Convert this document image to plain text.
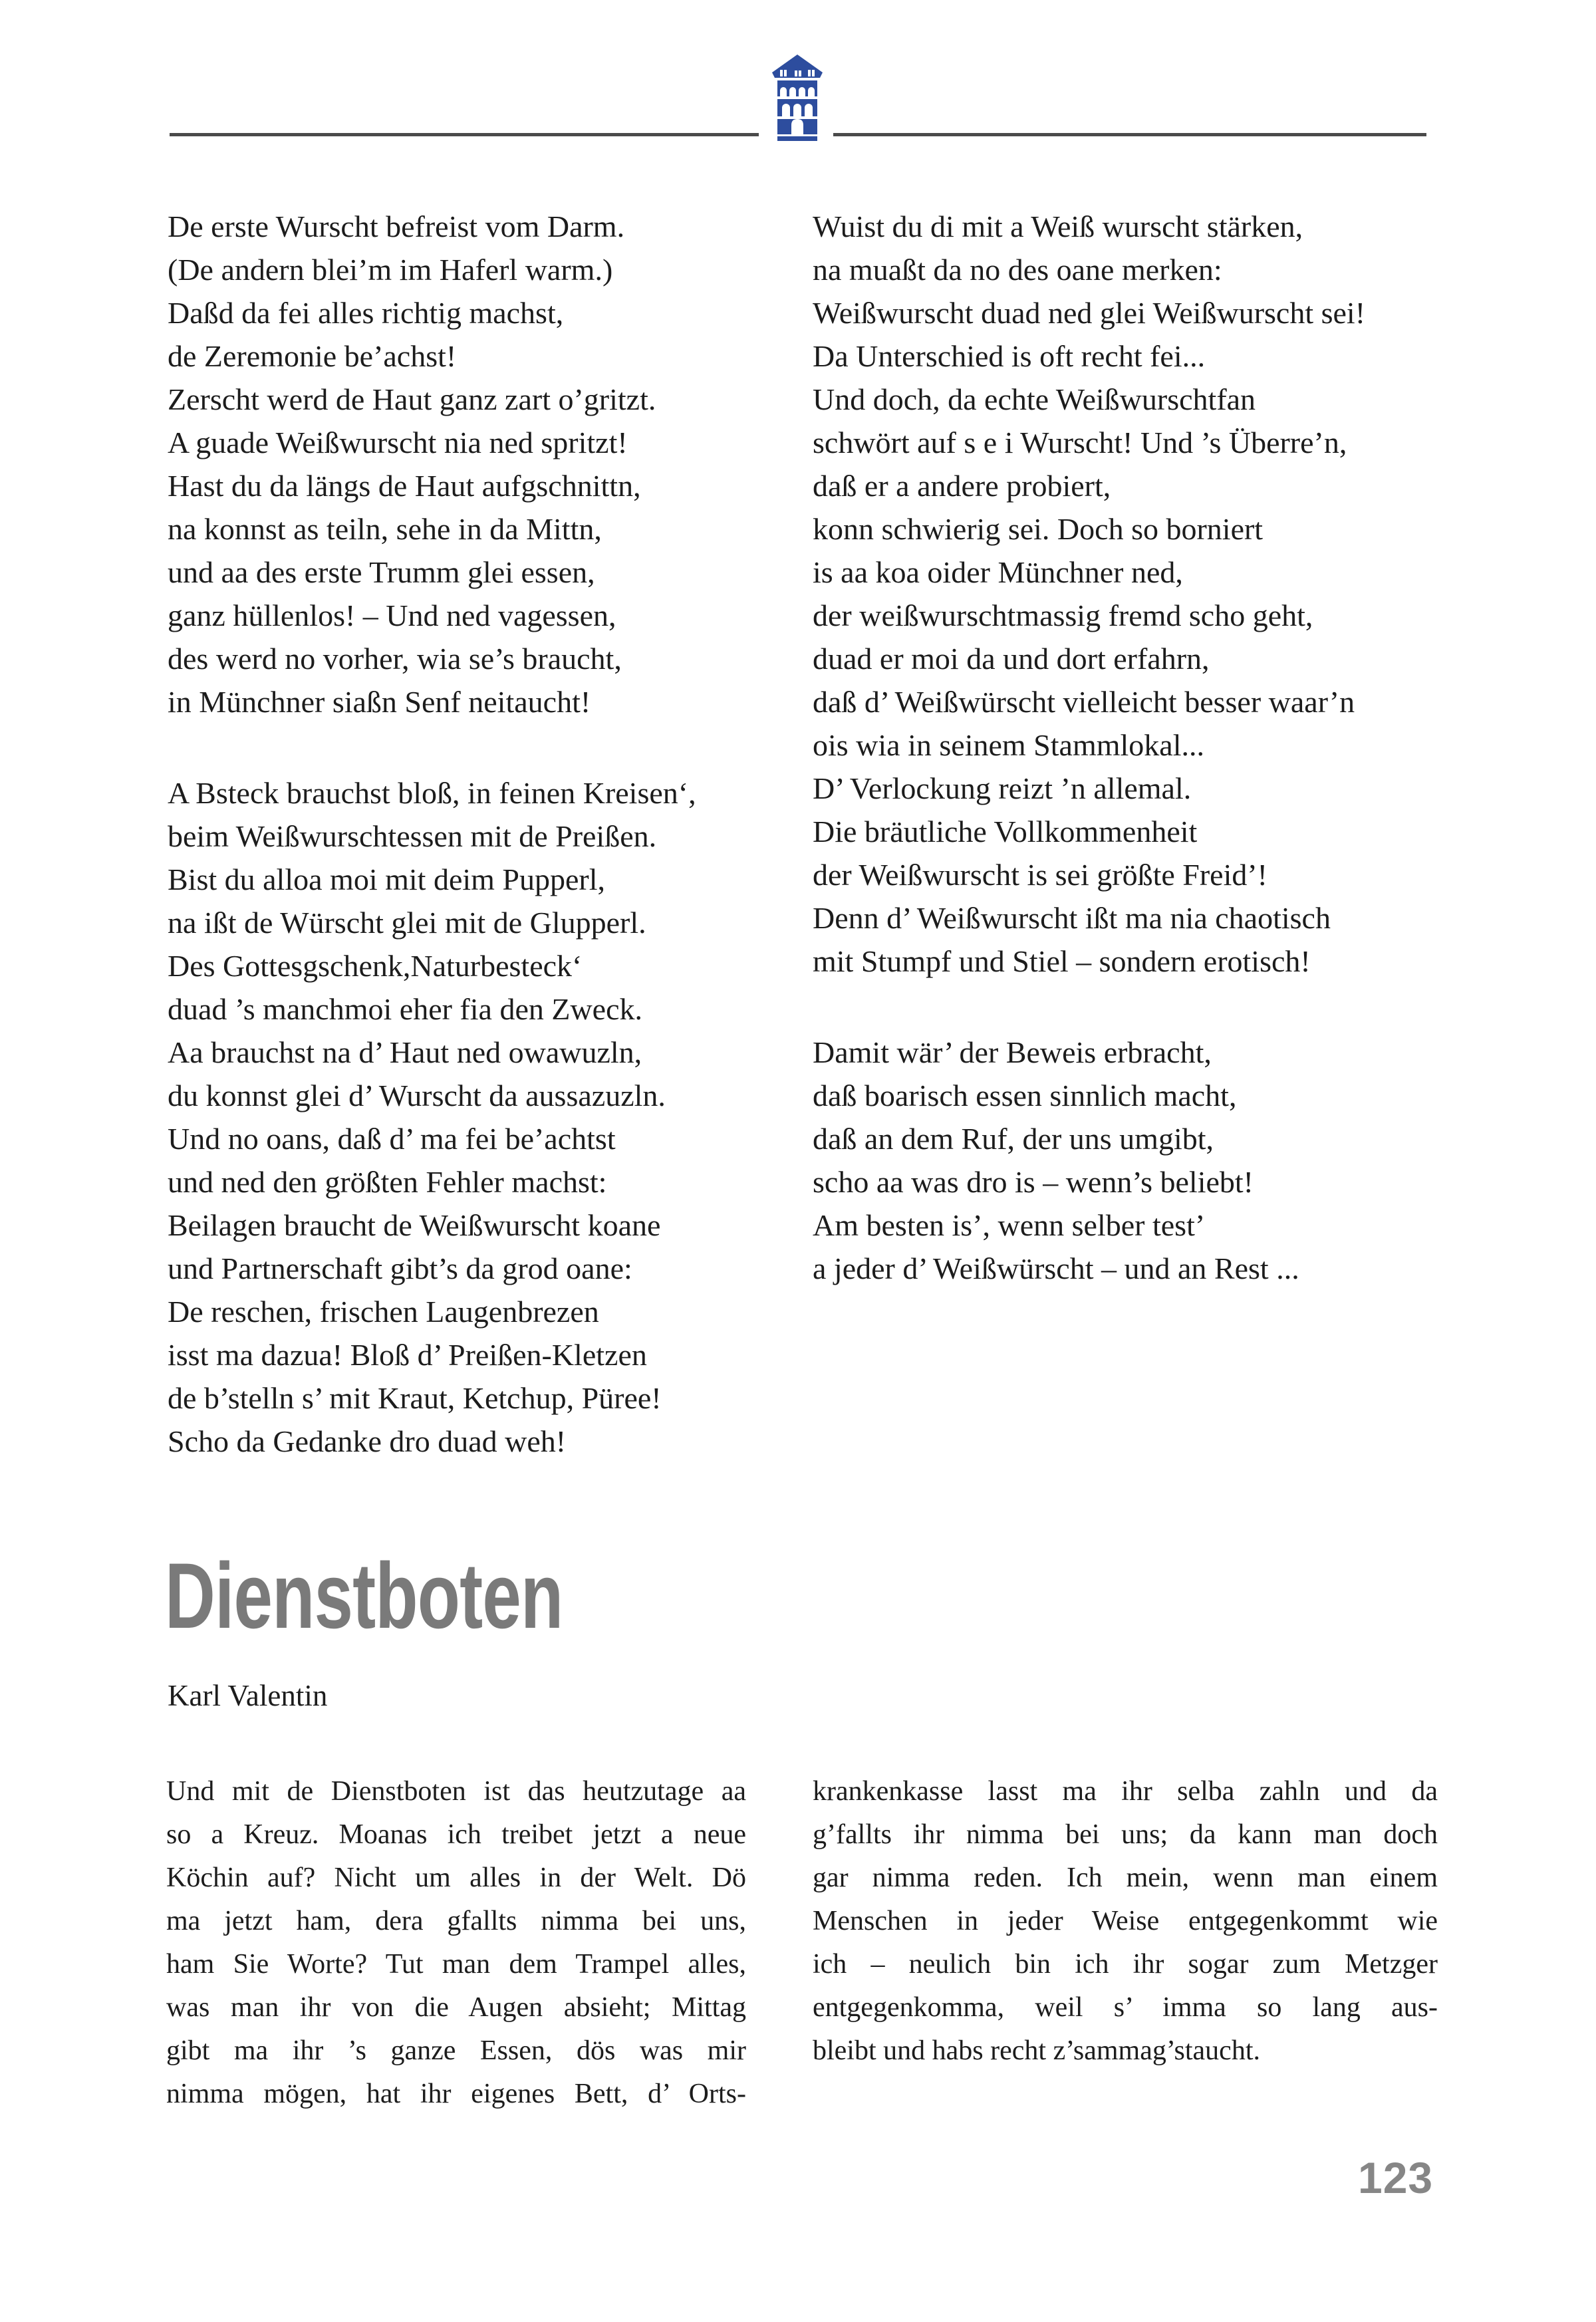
De erste Wurscht befreist vom Darm.
(De andern blei’m im Haferl warm.)
Daßd da fei alles richtig machst,
de Zeremonie be’achst!
Zerscht werd de Haut ganz zart o’gritzt.
A guade Weißwurscht nia ned spritzt!
Hast du da längs de Haut aufgschnittn,
na konnst as teiln, sehe in da Mittn,
und aa des erste Trumm glei essen,
ganz hüllenlos! – Und ned vagessen,
des werd no vorher, wia se’s braucht,
in Münchner siaßn Senf neitaucht!
A Bsteck brauchst bloß, in feinen Kreisen‘,
beim Weißwurschtessen mit de Preißen.
Bist du alloa moi mit deim Pupperl,
na ißt de Würscht glei mit de Glupperl.
Des Gottesgschenk,Naturbesteck‘
duad ’s manchmoi eher fia den Zweck.
Aa brauchst na d’ Haut ned owawuzln,
du konnst glei d’ Wurscht da aussazuzln.
Und no oans, daß d’ ma fei be’achtst
und ned den größten Fehler machst:
Beilagen braucht de Weißwurscht koane
und Partnerschaft gibt’s da grod oane:
De reschen, frischen Laugenbrezen
isst ma dazua! Bloß d’ Preißen-Kletzen
de b’stelln s’ mit Kraut, Ketchup, Püree!
Scho da Gedanke dro duad weh!
Wuist du di mit a Weiß wurscht stärken,
na muaßt da no des oane merken:
Weißwurscht duad ned glei Weißwurscht sei!
Da Unterschied is oft recht fei...
Und doch, da echte Weißwurschtfan
schwört auf s e i Wurscht! Und ’s Überre’n,
daß er a andere probiert,
konn schwierig sei. Doch so borniert
is aa koa oider Münchner ned,
der weißwurschtmassig fremd scho geht,
duad er moi da und dort erfahrn,
daß d’ Weißwürscht vielleicht besser waar’n
ois wia in seinem Stammlokal...
D’ Verlockung reizt ’n allemal.
Die bräutliche Vollkommenheit
der Weißwurscht is sei größte Freid’!
Denn d’ Weißwurscht ißt ma nia chaotisch
mit Stumpf und Stiel – sondern erotisch!
Damit wär’ der Beweis erbracht,
daß boarisch essen sinnlich macht,
daß an dem Ruf, der uns umgibt,
scho aa was dro is – wenn’s beliebt!
Am besten is’, wenn selber test’
a jeder d’ Weißwürscht – und an Rest ...
Dienstboten
Karl Valentin
Und mit de Dienstboten ist das heutzutage aa
so a Kreuz. Moanas ich treibet jetzt a neue
Köchin auf? Nicht um alles in der Welt. Dö
ma jetzt ham, dera gfallts nimma bei uns,
ham Sie Worte? Tut man dem Trampel alles,
was man ihr von die Augen absieht; Mittag
gibt ma ihr ’s ganze Essen, dös was mir
nimma mögen, hat ihr eigenes Bett, d’ Orts-
krankenkasse lasst ma ihr selba zahln und da
g’fallts ihr nimma bei uns; da kann man doch
gar nimma reden. Ich mein, wenn man einem
Menschen in jeder Weise entgegenkommt wie
ich – neulich bin ich ihr sogar zum Metzger
entgegenkomma, weil s’ imma so lang aus-
bleibt und habs recht z’sammag’staucht.
123
